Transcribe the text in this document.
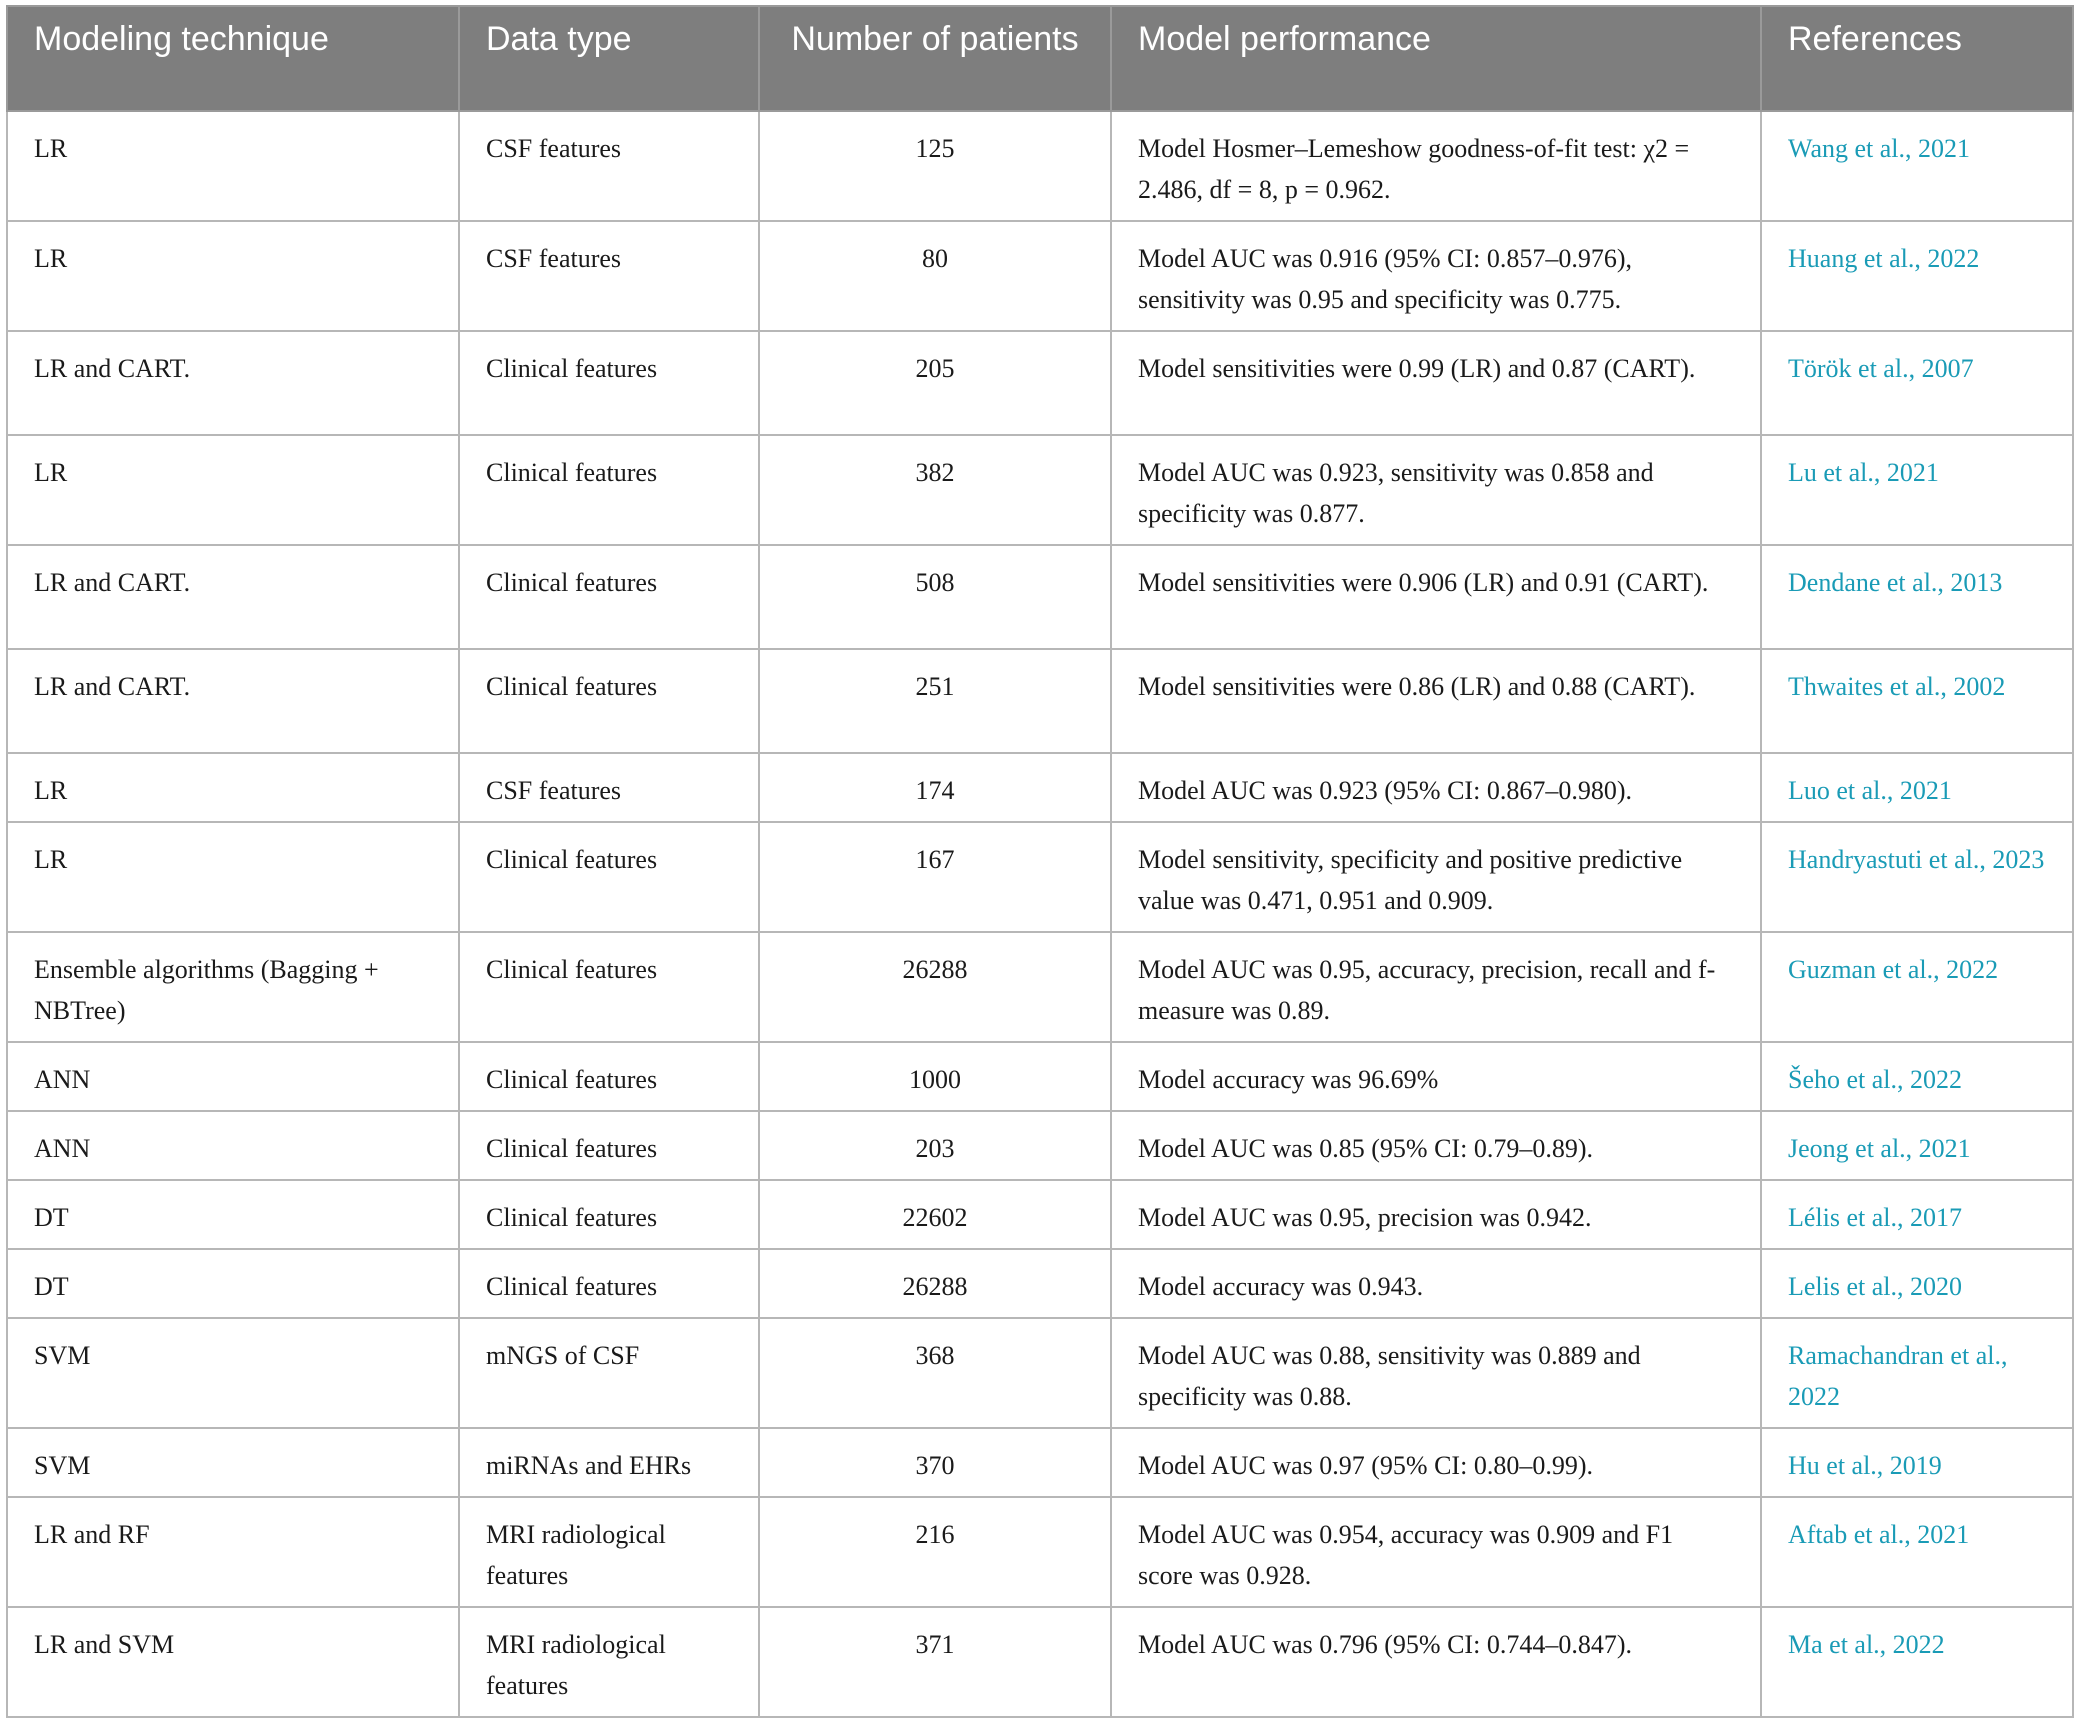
Modeling technique	Data type	Number of patients	Model performance	References
LR	CSF features	125	Model Hosmer–Lemeshow goodness-of-fit test: χ2 = 2.486, df = 8, p = 0.962.	Wang et al., 2021
LR	CSF features	80	Model AUC was 0.916 (95% CI: 0.857–0.976), sensitivity was 0.95 and specificity was 0.775.	Huang et al., 2022
LR and CART.	Clinical features	205	Model sensitivities were 0.99 (LR) and 0.87 (CART).	Török et al., 2007
LR	Clinical features	382	Model AUC was 0.923, sensitivity was 0.858 and specificity was 0.877.	Lu et al., 2021
LR and CART.	Clinical features	508	Model sensitivities were 0.906 (LR) and 0.91 (CART).	Dendane et al., 2013
LR and CART.	Clinical features	251	Model sensitivities were 0.86 (LR) and 0.88 (CART).	Thwaites et al., 2002
LR	CSF features	174	Model AUC was 0.923 (95% CI: 0.867–0.980).	Luo et al., 2021
LR	Clinical features	167	Model sensitivity, specificity and positive predictive value was 0.471, 0.951 and 0.909.	Handryastuti et al., 2023
Ensemble algorithms (Bagging + NBTree)	Clinical features	26288	Model AUC was 0.95, accuracy, precision, recall and f-measure was 0.89.	Guzman et al., 2022
ANN	Clinical features	1000	Model accuracy was 96.69%	Šeho et al., 2022
ANN	Clinical features	203	Model AUC was 0.85 (95% CI: 0.79–0.89).	Jeong et al., 2021
DT	Clinical features	22602	Model AUC was 0.95, precision was 0.942.	Lélis et al., 2017
DT	Clinical features	26288	Model accuracy was 0.943.	Lelis et al., 2020
SVM	mNGS of CSF	368	Model AUC was 0.88, sensitivity was 0.889 and specificity was 0.88.	Ramachandran et al., 2022
SVM	miRNAs and EHRs	370	Model AUC was 0.97 (95% CI: 0.80–0.99).	Hu et al., 2019
LR and RF	MRI radiological features	216	Model AUC was 0.954, accuracy was 0.909 and F1 score was 0.928.	Aftab et al., 2021
LR and SVM	MRI radiological features	371	Model AUC was 0.796 (95% CI: 0.744–0.847).	Ma et al., 2022
